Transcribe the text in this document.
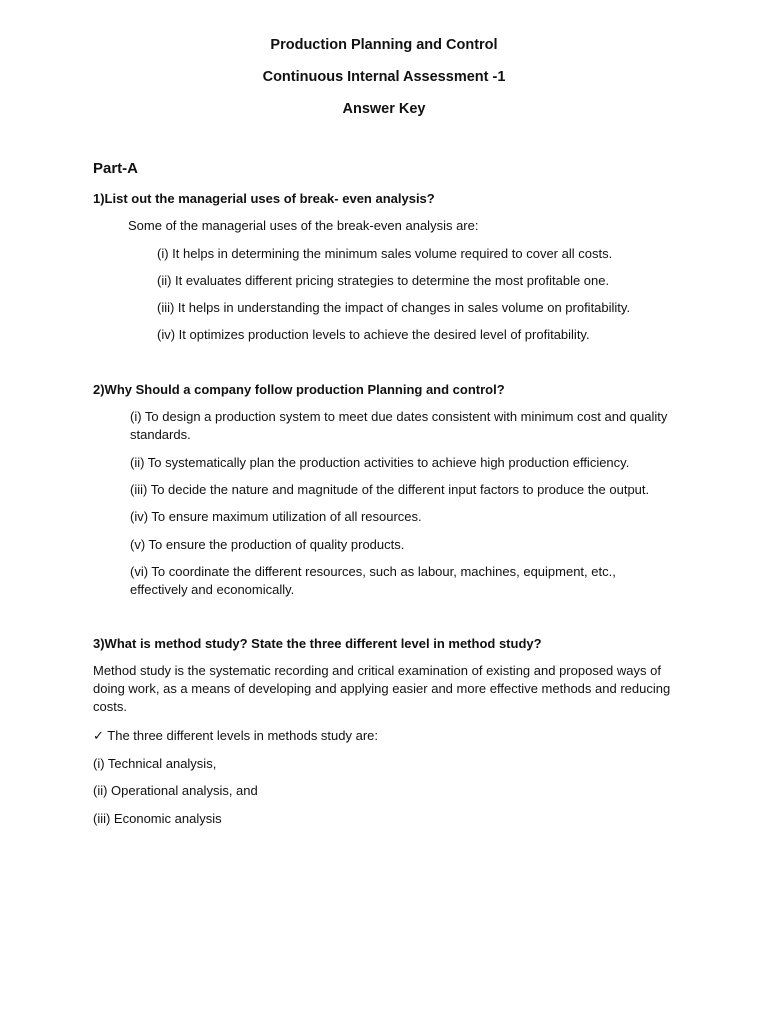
Production Planning and Control
Continuous Internal Assessment -1
Answer Key
Part-A
1)List out the managerial uses of break- even analysis?
Some of the managerial uses of the break-even analysis are:
(i) It helps in determining the minimum sales volume required to cover all costs.
(ii) It evaluates different pricing strategies to determine the most profitable one.
(iii) It helps in understanding the impact of changes in sales volume on profitability.
(iv) It optimizes production levels to achieve the desired level of profitability.
2)Why Should a company follow production Planning and control?
(i) To design a production system to meet due dates consistent with minimum cost and quality standards.
(ii) To systematically plan the production activities to achieve high production efficiency.
(iii) To decide the nature and magnitude of the different input factors to produce the output.
(iv) To ensure maximum utilization of all resources.
(v) To ensure the production of quality products.
(vi) To coordinate the different resources, such as labour, machines, equipment, etc., effectively and economically.
3)What is method study? State the three different level in method study?
Method study is the systematic recording and critical examination of existing and proposed ways of doing work, as a means of developing and applying easier and more effective methods and reducing costs.
✓ The three different levels in methods study are:
(i) Technical analysis,
(ii) Operational analysis, and
(iii) Economic analysis
